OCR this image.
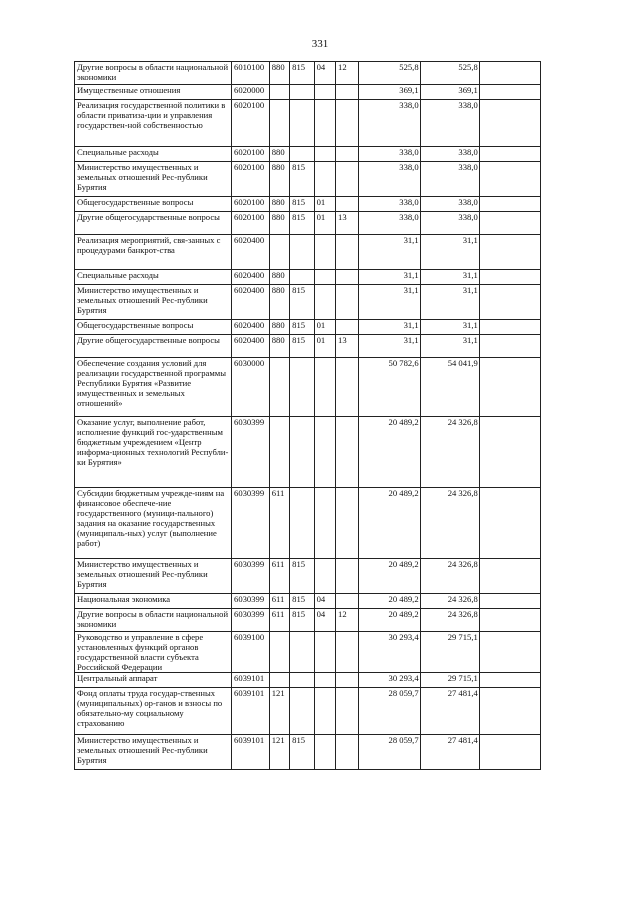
331
Другие вопросы в области национальной экономики	6010100	880	815	04	12	525,8	525,8	
Имущественные отношения	6020000					369,1	369,1	
Реализация государственной политики в области приватиза-ции и управления государствен-ной собственностью	6020100					338,0	338,0	
Специальные расходы	6020100	880				338,0	338,0	
Министерство имущественных и земельных отношений Рес-публики Бурятия	6020100	880	815			338,0	338,0	
Общегосударственные вопросы	6020100	880	815	01		338,0	338,0	
Другие общегосударственные вопросы	6020100	880	815	01	13	338,0	338,0	
Реализация мероприятий, свя-занных с процедурами банкрот-ства	6020400					31,1	31,1	
Специальные расходы	6020400	880				31,1	31,1	
Министерство имущественных и земельных отношений Рес-публики Бурятия	6020400	880	815			31,1	31,1	
Общегосударственные вопросы	6020400	880	815	01		31,1	31,1	
Другие общегосударственные вопросы	6020400	880	815	01	13	31,1	31,1	
Обеспечение создания условий для реализации государственной программы Республики Бурятия «Развитие имущественных и земельных отношений»	6030000					50 782,6	54 041,9	
Оказание услуг, выполнение работ, исполнение функций гос-ударственным бюджетным учреждением «Центр информа-ционных технологий Республи-ки Бурятия»	6030399					20 489,2	24 326,8	
Субсидии бюджетным учрежде-ниям на финансовое обеспече-ние государственного (муници-пального) задания на оказание государственных (муниципаль-ных) услуг (выполнение работ)	6030399	611				20 489,2	24 326,8	
Министерство имущественных и земельных отношений Рес-публики Бурятия	6030399	611	815			20 489,2	24 326,8	
Национальная экономика	6030399	611	815	04		20 489,2	24 326,8	
Другие вопросы в области национальной экономики	6030399	611	815	04	12	20 489,2	24 326,8	
Руководство и управление в сфере установленных функций органов государственной власти субъекта Российской Федерации	6039100					30 293,4	29 715,1	
Центральный аппарат	6039101					30 293,4	29 715,1	
Фонд оплаты труда государ-ственных (муниципальных) ор-ганов и взносы по обязательно-му социальному страхованию	6039101	121				28 059,7	27 481,4	
Министерство имущественных и земельных отношений Рес-публики Бурятия	6039101	121	815			28 059,7	27 481,4	
